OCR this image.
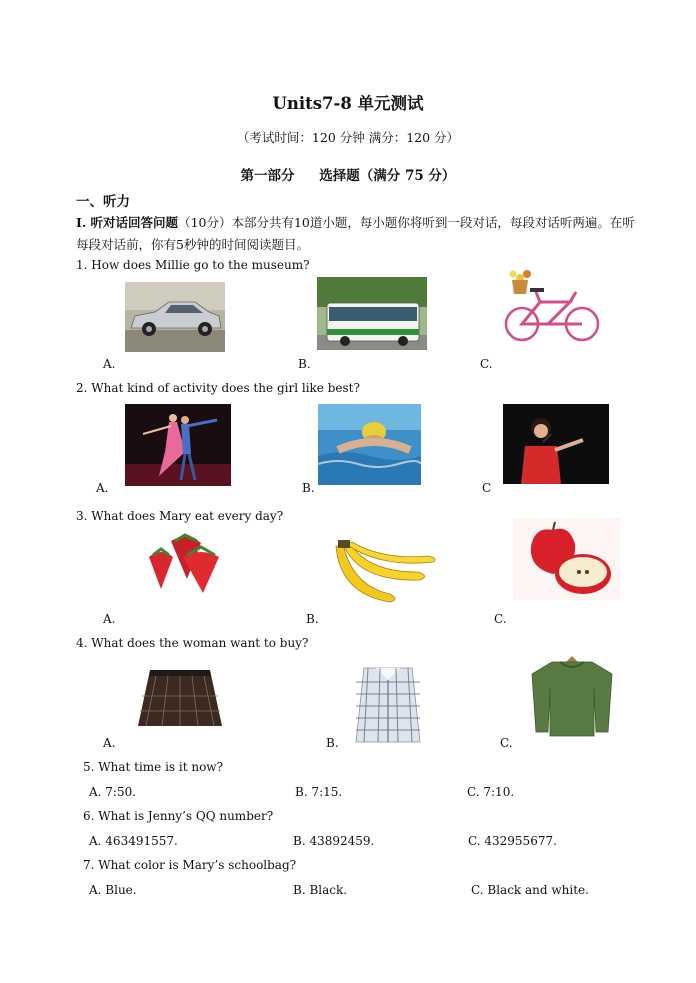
Units7-8 单元测试
（考试时间：120 分钟 满分：120 分）
第一部分 选择题（满分 75 分）
一、听力
I. 听对话回答问题（10分）本部分共有10道小题，每小题你将听到一段对话，每段对话听两遍。在听每段对话前，你有5秒钟的时间阅读题目。
1. How does Millie go to the museum?
A.	B.	C.
2. What kind of activity does the girl like best?
A.	B.	C
3. What does Mary eat every day?
A.	B.	C.
4. What does the woman want to buy?
A.	B.	C.
5. What time is it now?
A. 7:50.	B. 7:15.	C. 7:10.
6. What is Jenny’s QQ number?
A. 463491557.	B. 43892459.	C. 432955677.
7. What color is Mary’s schoolbag?
A. Blue.	B. Black.	C. Black and white.
